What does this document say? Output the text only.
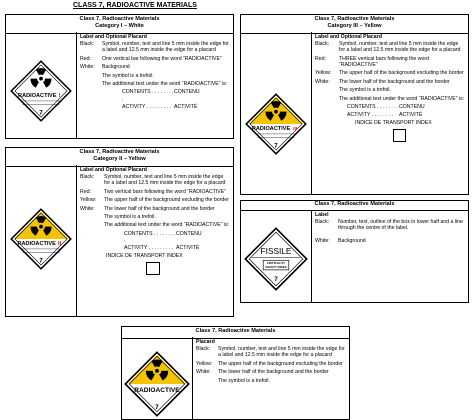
CLASS 7, RADIOACTIVE MATERIALS
Class 7, Radioactive Materials
Category I – White
RADIOACTIVE I
7
Label and Optional Placard
Black:	Symbol, number, text and line 5 mm inside the edge for a label and 12.5 mm inside the edge for a placard
Red:	One vertical bar following the word “RADIOACTIVE”
White:	Background
The symbol is a trefoil.
The additional text under the word “RADIOACTIVE” is:
CONTENTS . . . . . . . . .
CONTENU
ACTIVITY . . . . . . . . . ACTIVITÉ
Class 7, Radioactive Materials
Category III – Yellow
RADIOACTIVE III
7
Label and Optional Placard
Black:	Symbol, number, text and line 5 mm inside the edge for a label and 12.5 mm inside the edge for a placard
Red:	THREE vertical bars following the word “RADIOACTIVE”
Yellow:	The upper half of the background excluding the border
White:	The lower half of the background and the border
The symbol is a trefoil.
The additional text under the word “RADIOACTIVE” is:
CONTENTS . . . . . . . . CONTENU
ACTIVITY . . . . . . . .	ACTIVITÉ
INDICE DE TRANSPORT INDEX
Class 7, Radioactive Materials
Category II – Yellow
RADIOACTIVE II
7
Label and Optional Placard
Black:	Symbol, number, text and line 5 mm inside the edge for a label and 12.5 mm inside the edge for a placard
Red:	Two vertical bars following the word “RADIOACTIVE”
Yellow:	The upper half of the background excluding the border
White:	The lower half of the background and the border
The symbol is a trefoil.
The additional text under the word “RADIOACTIVE” is:
CONTENTS . . . . . . . . .
CONTENU
ACTIVITY . . . . . . . . . ACTIVITÉ
INDICE DE TRANSPORT INDEX
Class 7, Radioactive Materials
FISSILE
CRITICALITY
SAFETY INDEX
7
Label
Black:	Number, text, outline of the box in lower half and a line through the centre of the label.
White:	Background
Class 7, Radioactive Materials
RADIOACTIVE
7
Placard
Black:	Symbol, number, text and line 5 mm inside the edge for a label and 12.5 mm inside the edge for a placard
Yellow:	The upper half of the background excluding the border
White:	The lower half of the background and the border
The symbol is a trefoil.
